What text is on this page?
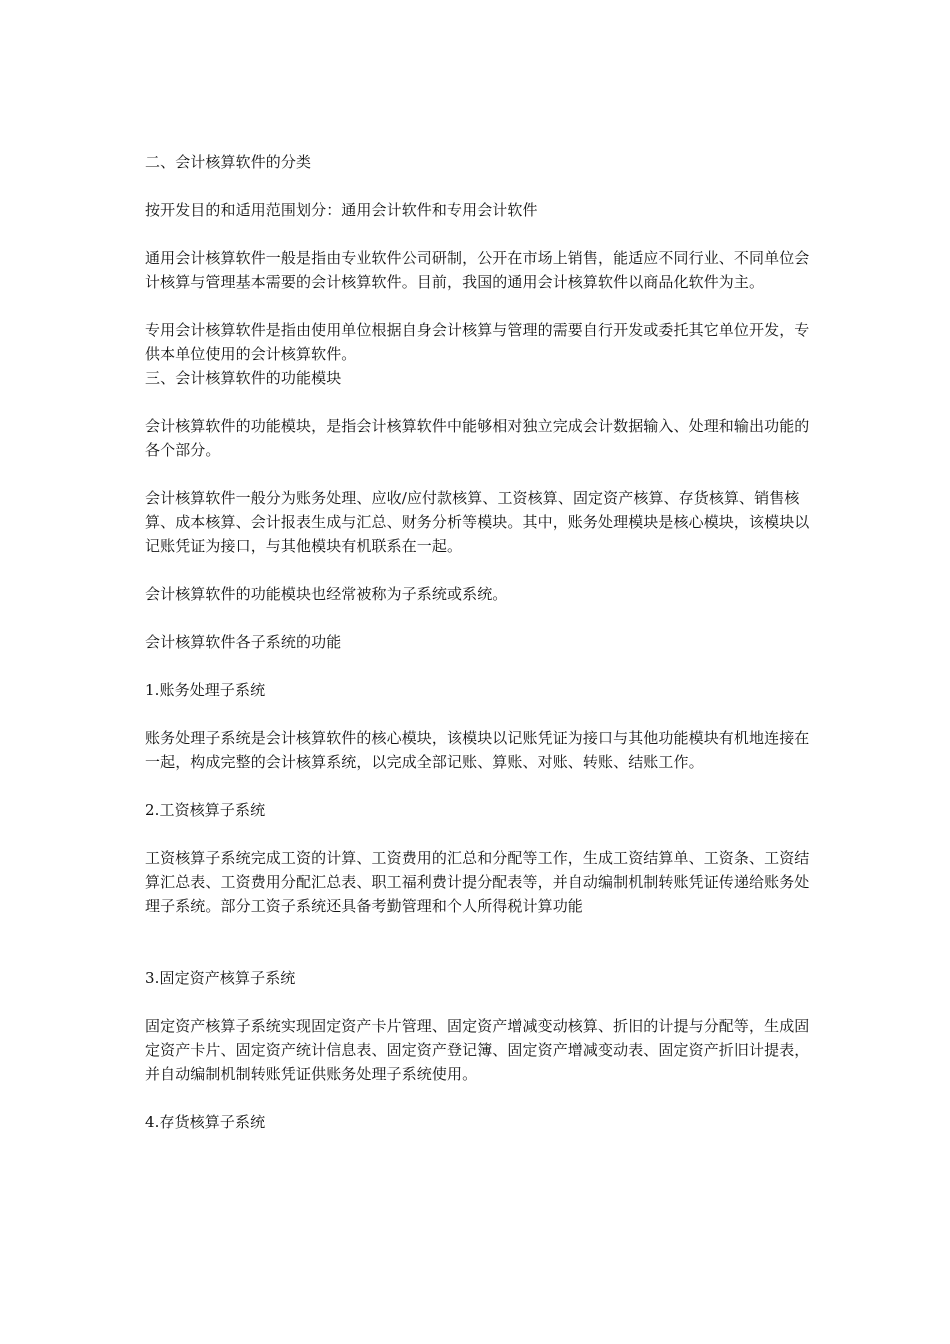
二、会计核算软件的分类

按开发目的和适用范围划分：通用会计软件和专用会计软件

通用会计核算软件一般是指由专业软件公司研制，公开在市场上销售，能适应不同行业、不同单位会计核算与管理基本需要的会计核算软件。目前，我国的通用会计核算软件以商品化软件为主。

专用会计核算软件是指由使用单位根据自身会计核算与管理的需要自行开发或委托其它单位开发，专供本单位使用的会计核算软件。

三、会计核算软件的功能模块

会计核算软件的功能模块，是指会计核算软件中能够相对独立完成会计数据输入、处理和输出功能的各个部分。

会计核算软件一般分为账务处理、应收/应付款核算、工资核算、固定资产核算、存货核算、销售核算、成本核算、会计报表生成与汇总、财务分析等模块。其中，账务处理模块是核心模块，该模块以记账凭证为接口，与其他模块有机联系在一起。

会计核算软件的功能模块也经常被称为子系统或系统。

会计核算软件各子系统的功能

1.账务处理子系统

账务处理子系统是会计核算软件的核心模块，该模块以记账凭证为接口与其他功能模块有机地连接在一起，构成完整的会计核算系统，以完成全部记账、算账、对账、转账、结账工作。

2.工资核算子系统

工资核算子系统完成工资的计算、工资费用的汇总和分配等工作，生成工资结算单、工资条、工资结算汇总表、工资费用分配汇总表、职工福利费计提分配表等，并自动编制机制转账凭证传递给账务处理子系统。部分工资子系统还具备考勤管理和个人所得税计算功能

3.固定资产核算子系统

固定资产核算子系统实现固定资产卡片管理、固定资产增减变动核算、折旧的计提与分配等，生成固定资产卡片、固定资产统计信息表、固定资产登记簿、固定资产增减变动表、固定资产折旧计提表，并自动编制机制转账凭证供账务处理子系统使用。

4.存货核算子系统
